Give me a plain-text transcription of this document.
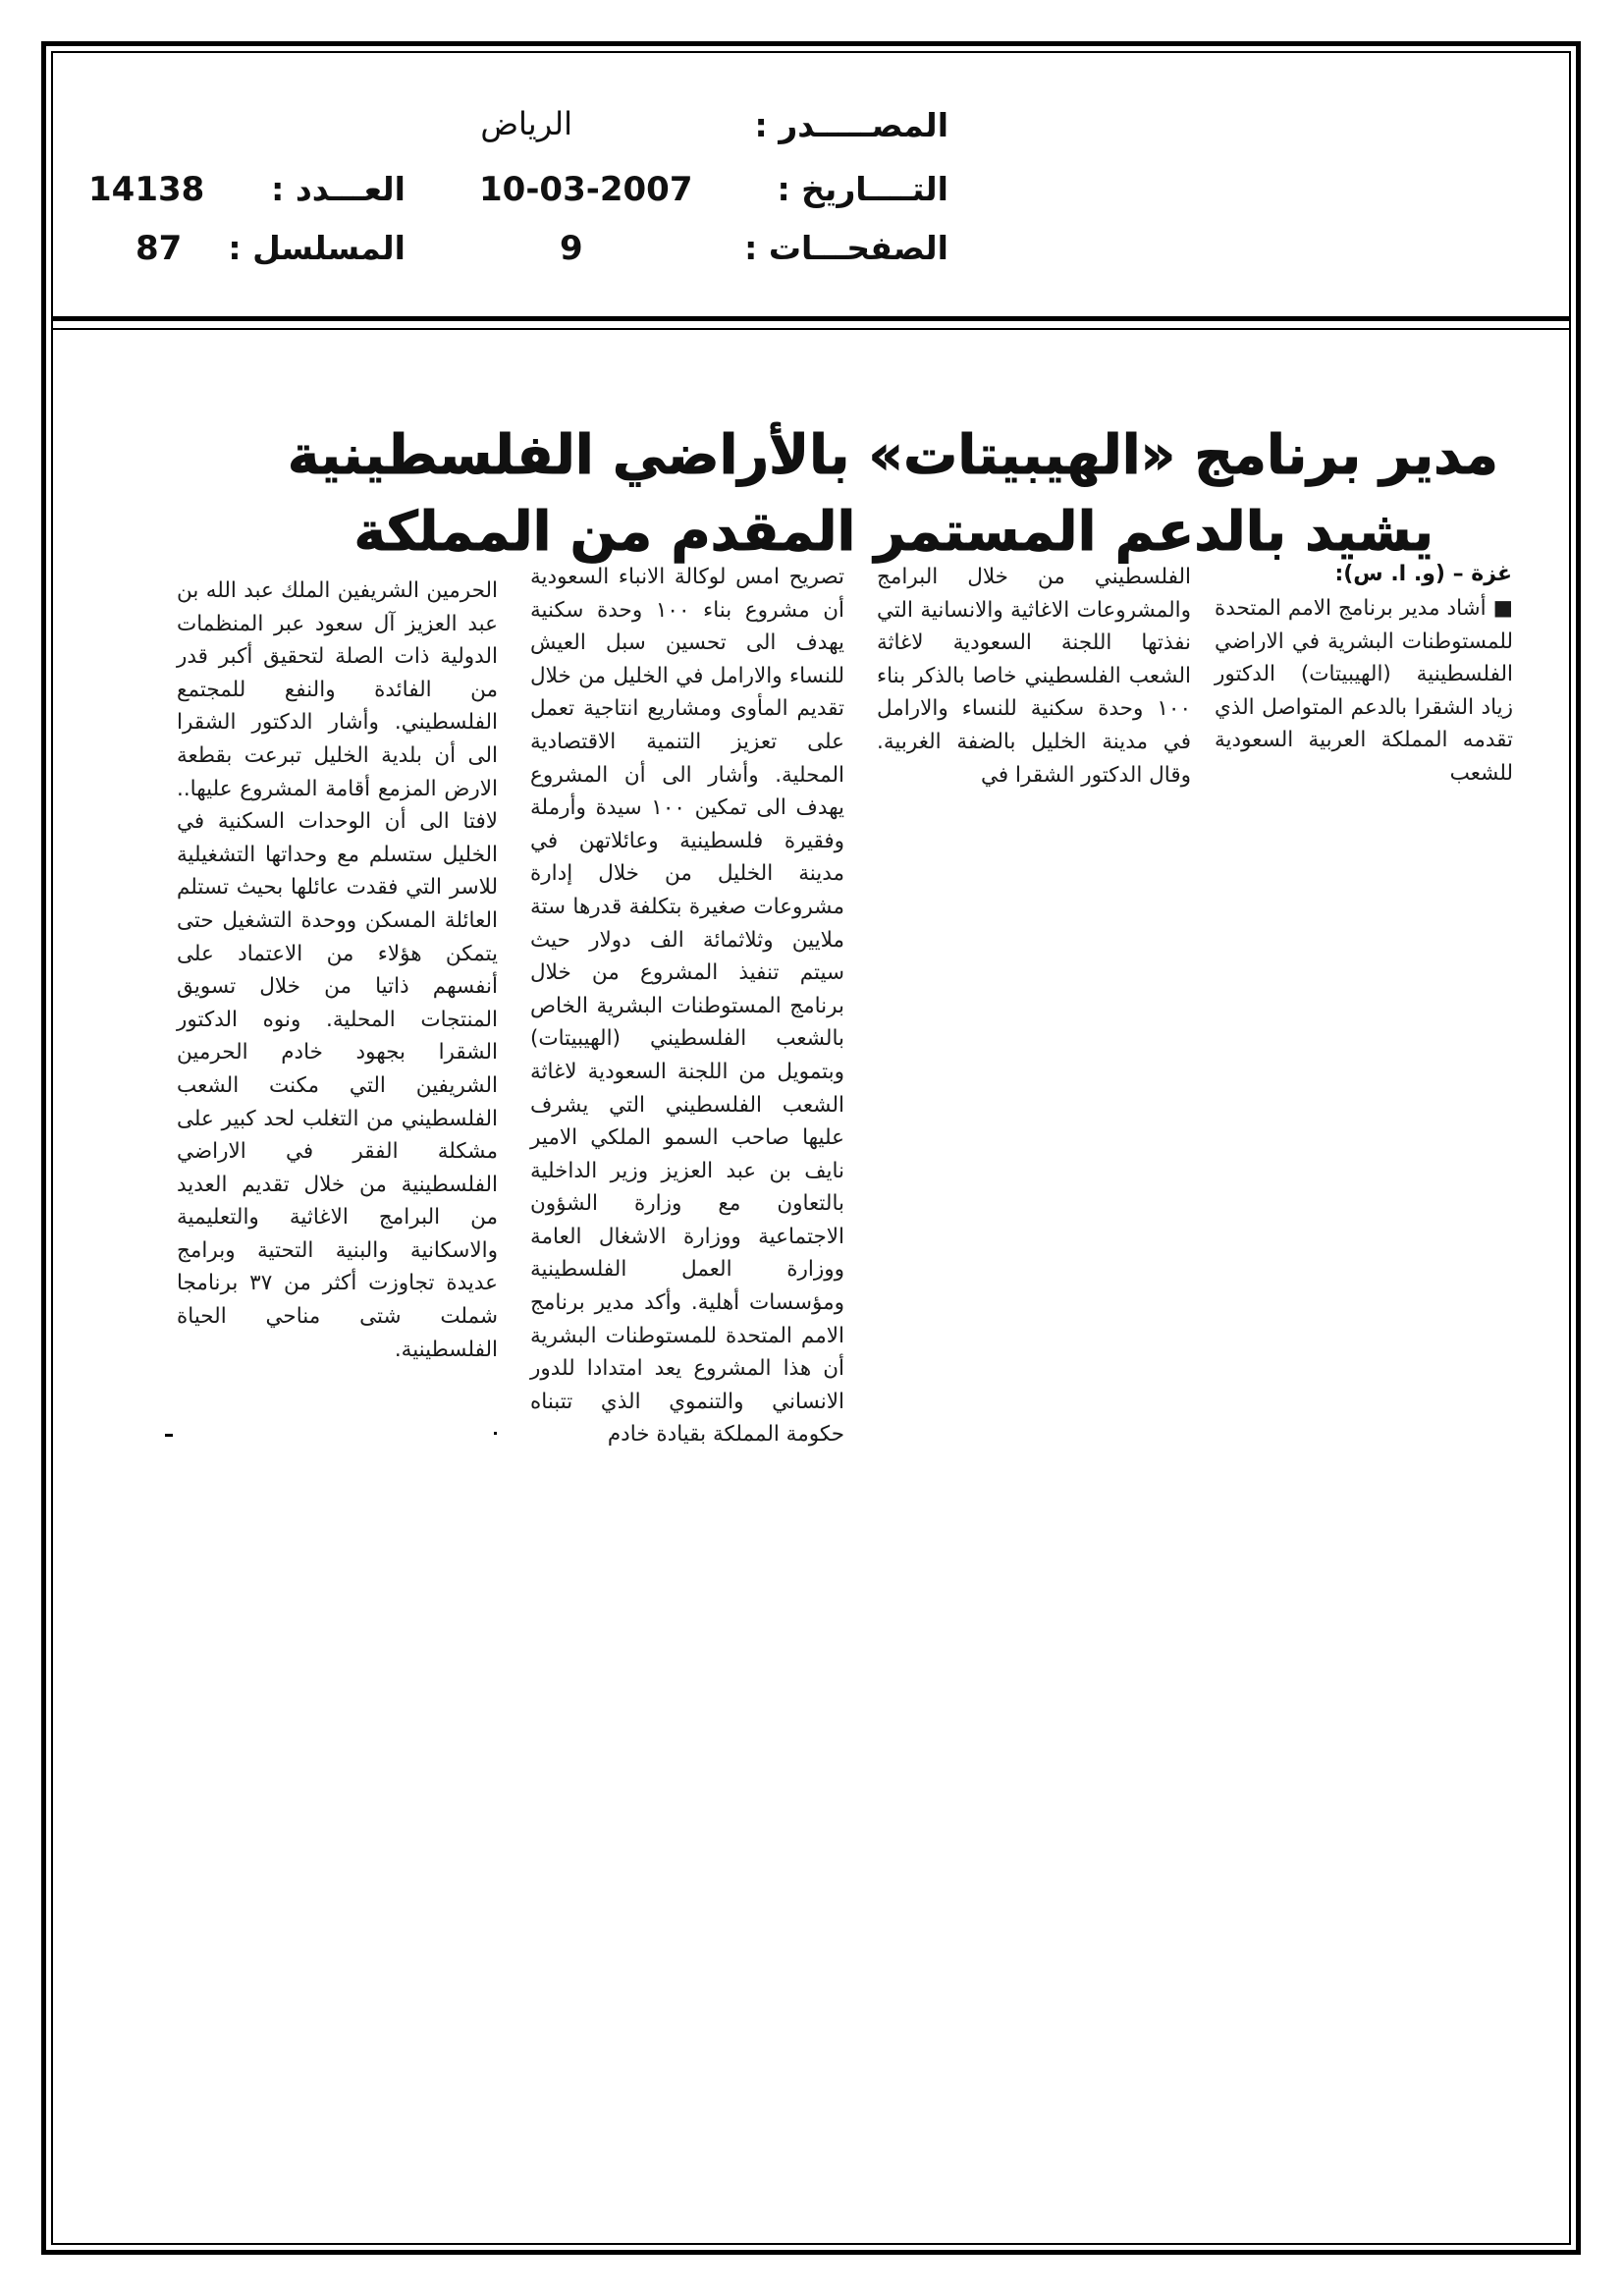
المصـــــدر :
الرياض
التــــاريخ :
10-03-2007
العـــدد :
14138
الصفحـــات :
9
المسلسل :
87
مدير برنامج «الهيبيتات» بالأراضي الفلسطينية
يشيد بالدعم المستمر المقدم من المملكة
غزة – (و. ا. س):
■ أشاد مدير برنامج الامم المتحدة للمستوطنات البشرية في الاراضي الفلسطينية (الهيبيتات) الدكتور زياد الشقرا بالدعم المتواصل الذي تقدمه المملكة العربية السعودية للشعب
الفلسطيني من خلال البرامج والمشروعات الاغاثية والانسانية التي نفذتها اللجنة السعودية لاغاثة الشعب الفلسطيني خاصا بالذكر بناء ١٠٠ وحدة سكنية للنساء والارامل في مدينة الخليل بالضفة الغربية. وقال الدكتور الشقرا في
تصريح امس لوكالة الانباء السعودية أن مشروع بناء ١٠٠ وحدة سكنية يهدف الى تحسين سبل العيش للنساء والارامل في الخليل من خلال تقديم المأوى ومشاريع انتاجية تعمل على تعزيز التنمية الاقتصادية المحلية. وأشار الى أن المشروع يهدف الى تمكين ١٠٠ سيدة وأرملة وفقيرة فلسطينية وعائلاتهن في مدينة الخليل من خلال إدارة مشروعات صغيرة بتكلفة قدرها ستة ملايين وثلاثمائة الف دولار حيث سيتم تنفيذ المشروع من خلال برنامج المستوطنات البشرية الخاص بالشعب الفلسطيني (الهيبيتات) وبتمويل من اللجنة السعودية لاغاثة الشعب الفلسطيني التي يشرف عليها صاحب السمو الملكي الامير نايف بن عبد العزيز وزير الداخلية بالتعاون مع وزارة الشؤون الاجتماعية ووزارة الاشغال العامة ووزارة العمل الفلسطينية ومؤسسات أهلية. وأكد مدير برنامج الامم المتحدة للمستوطنات البشرية أن هذا المشروع يعد امتدادا للدور الانساني والتنموي الذي تتبناه حكومة المملكة بقيادة خادم
الحرمين الشريفين الملك عبد الله بن عبد العزيز آل سعود عبر المنظمات الدولية ذات الصلة لتحقيق أكبر قدر من الفائدة والنفع للمجتمع الفلسطيني. وأشار الدكتور الشقرا الى أن بلدية الخليل تبرعت بقطعة الارض المزمع أقامة المشروع عليها.. لافتا الى أن الوحدات السكنية في الخليل ستسلم مع وحداتها التشغيلية للاسر التي فقدت عائلها بحيث تستلم العائلة المسكن ووحدة التشغيل حتى يتمكن هؤلاء من الاعتماد على أنفسهم ذاتيا من خلال تسويق المنتجات المحلية. ونوه الدكتور الشقرا بجهود خادم الحرمين الشريفين التي مكنت الشعب الفلسطيني من التغلب لحد كبير على مشكلة الفقر في الاراضي الفلسطينية من خلال تقديم العديد من البرامج الاغاثية والتعليمية والاسكانية والبنية التحتية وبرامج عديدة تجاوزت أكثر من ٣٧ برنامجا شملت شتى مناحي الحياة الفلسطينية.
